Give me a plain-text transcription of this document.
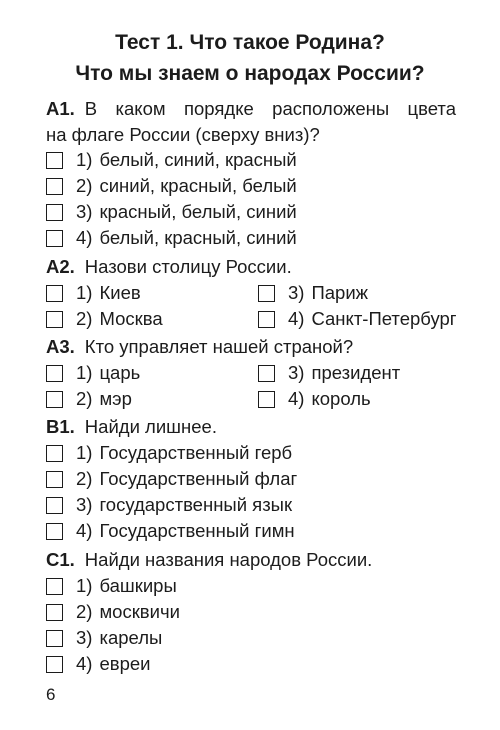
Тест 1. Что такое Родина?
Что мы знаем о народах России?
А1. В каком порядке расположены цвета
на флаге России (сверху вниз)?
1) белый, синий, красный
2) синий, красный, белый
3) красный, белый, синий
4) белый, красный, синий
А2. Назови столицу России.
1) Киев
2) Москва
3) Париж
4) Санкт-Петербург
А3. Кто управляет нашей страной?
1) царь
2) мэр
3) президент
4) король
В1. Найди лишнее.
1) Государственный герб
2) Государственный флаг
3) государственный язык
4) Государственный гимн
С1. Найди названия народов России.
1) башкиры
2) москвичи
3) карелы
4) евреи
6
